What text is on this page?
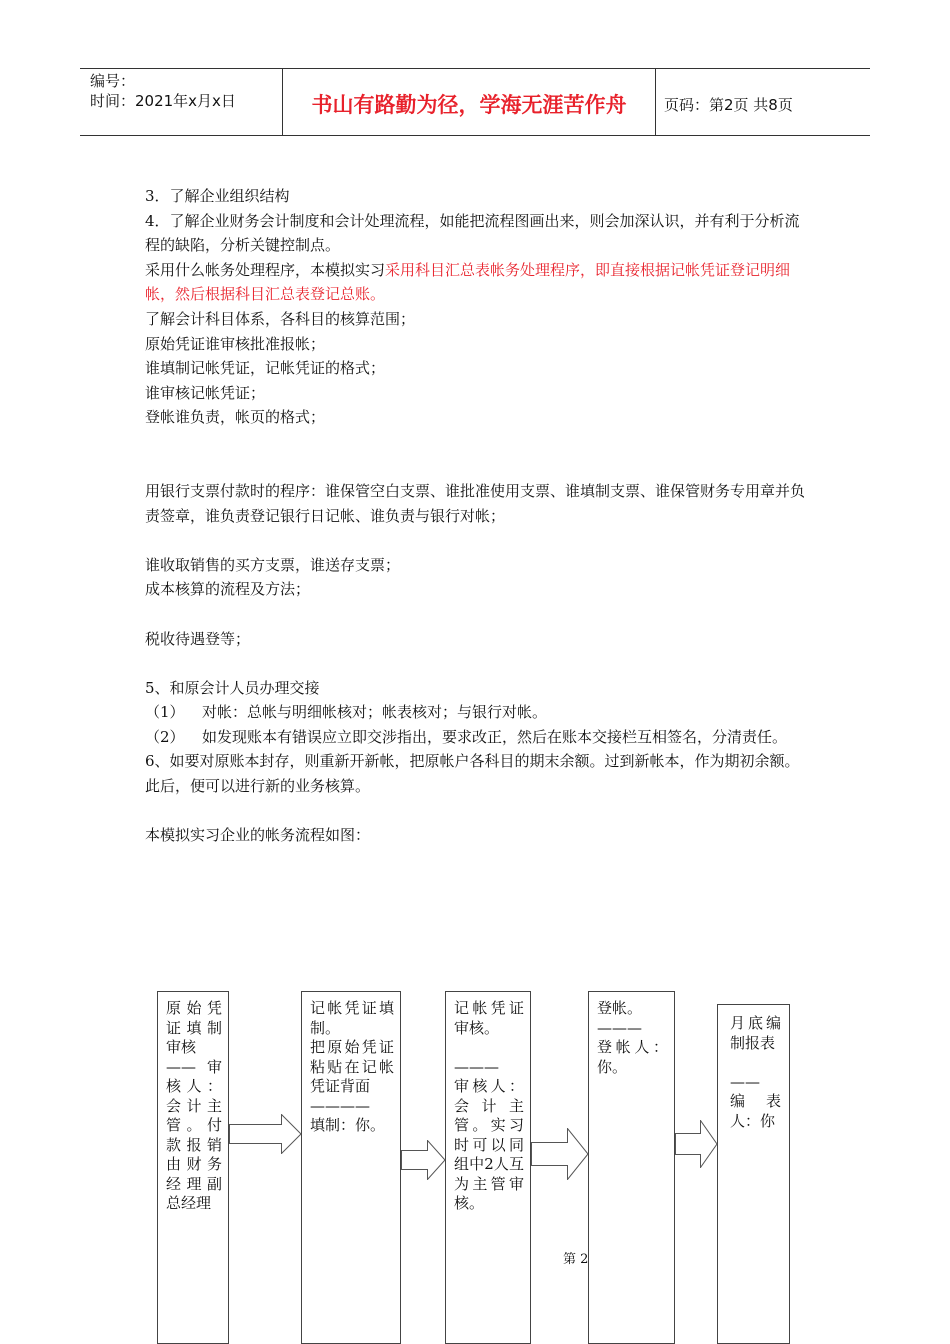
编号：
时间：2021年x月x日	书山有路勤为径，学海无涯苦作舟	页码：第2页 共8页

3．了解企业组织结构

4．了解企业财务会计制度和会计处理流程，如能把流程图画出来，则会加深认识，并有利于分析流程的缺陷，分析关键控制点。

采用什么帐务处理程序，本模拟实习采用科目汇总表帐务处理程序，即直接根据记帐凭证登记明细帐，然后根据科目汇总表登记总账。

了解会计科目体系，各科目的核算范围；

原始凭证谁审核批准报帐；

谁填制记帐凭证，记帐凭证的格式；

谁审核记帐凭证；

登帐谁负责，帐页的格式；

用银行支票付款时的程序：谁保管空白支票、谁批准使用支票、谁填制支票、谁保管财务专用章并负责签章，谁负责登记银行日记帐、谁负责与银行对帐；

谁收取销售的买方支票，谁送存支票；

成本核算的流程及方法；

税收待遇登等；

5、和原会计人员办理交接

（1）	对帐：总帐与明细帐核对；帐表核对；与银行对帐。
（2）	如发现账本有错误应立即交涉指出，要求改正，然后在账本交接栏互相签名，分清责任。

6、如要对原账本封存，则重新开新帐，把原帐户各科目的期末余额。过到新帐本，作为期初余额。

此后，便可以进行新的业务核算。

本模拟实习企业的帐务流程如图：

原始凭证填制审核
——审核人：会计主管。付款报销由财务经理副总经理
记帐凭证填制。
把原始凭证粘贴在记帐凭证背面
————
填制：你。
记帐凭证审核。

———
审核人：会计主管。实习时可以同组中2人互为主管审核。
登帐。
———
登帐人：你。
月底编制报表

——
编表人：你
第 2
